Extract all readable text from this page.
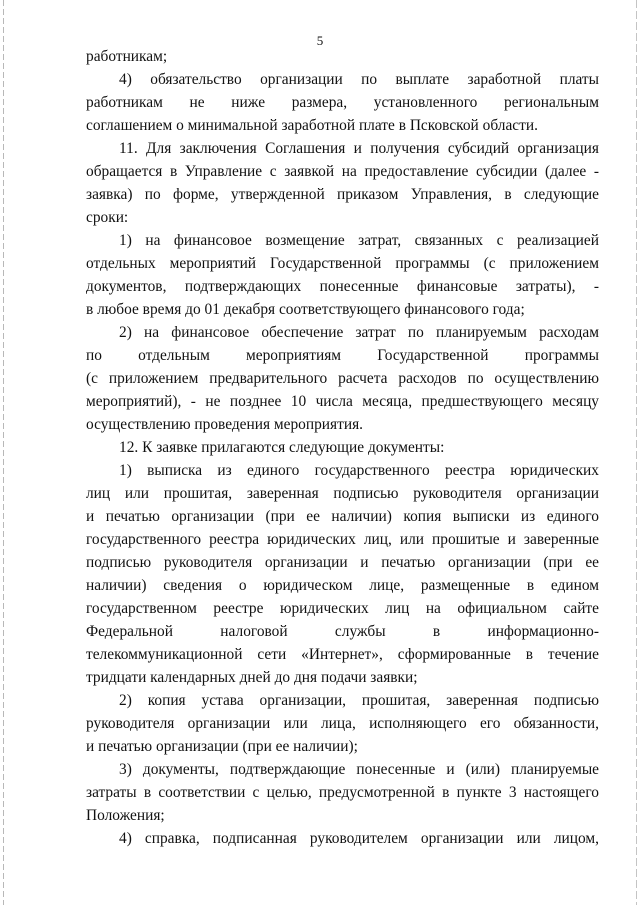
5
работникам;
4) обязательство организации по выплате заработной платы
работникам не ниже размера, установленного региональным
соглашением о минимальной заработной плате в Псковской области.
11. Для заключения Соглашения и получения субсидий организация
обращается в Управление с заявкой на предоставление субсидии (далее -
заявка) по форме, утвержденной приказом Управления, в следующие
сроки:
1) на финансовое возмещение затрат, связанных с реализацией
отдельных мероприятий Государственной программы (с приложением
документов, подтверждающих понесенные финансовые затраты), -
в любое время до 01 декабря соответствующего финансового года;
2) на финансовое обеспечение затрат по планируемым расходам
по отдельным мероприятиям Государственной программы
(с приложением предварительного расчета расходов по осуществлению
мероприятий), - не позднее 10 числа месяца, предшествующего месяцу
осуществлению проведения мероприятия.
12. К заявке прилагаются следующие документы:
1) выписка из единого государственного реестра юридических
лиц или прошитая, заверенная подписью руководителя организации
и печатью организации (при ее наличии) копия выписки из единого
государственного реестра юридических лиц, или прошитые и заверенные
подписью руководителя организации и печатью организации (при ее
наличии) сведения о юридическом лице, размещенные в едином
государственном реестре юридических лиц на официальном сайте
Федеральной налоговой службы в информационно-
телекоммуникационной сети «Интернет», сформированные в течение
тридцати календарных дней до дня подачи заявки;
2) копия устава организации, прошитая, заверенная подписью
руководителя организации или лица, исполняющего его обязанности,
и печатью организации (при ее наличии);
3) документы, подтверждающие понесенные и (или) планируемые
затраты в соответствии с целью, предусмотренной в пункте 3 настоящего
Положения;
4) справка, подписанная руководителем организации или лицом,
